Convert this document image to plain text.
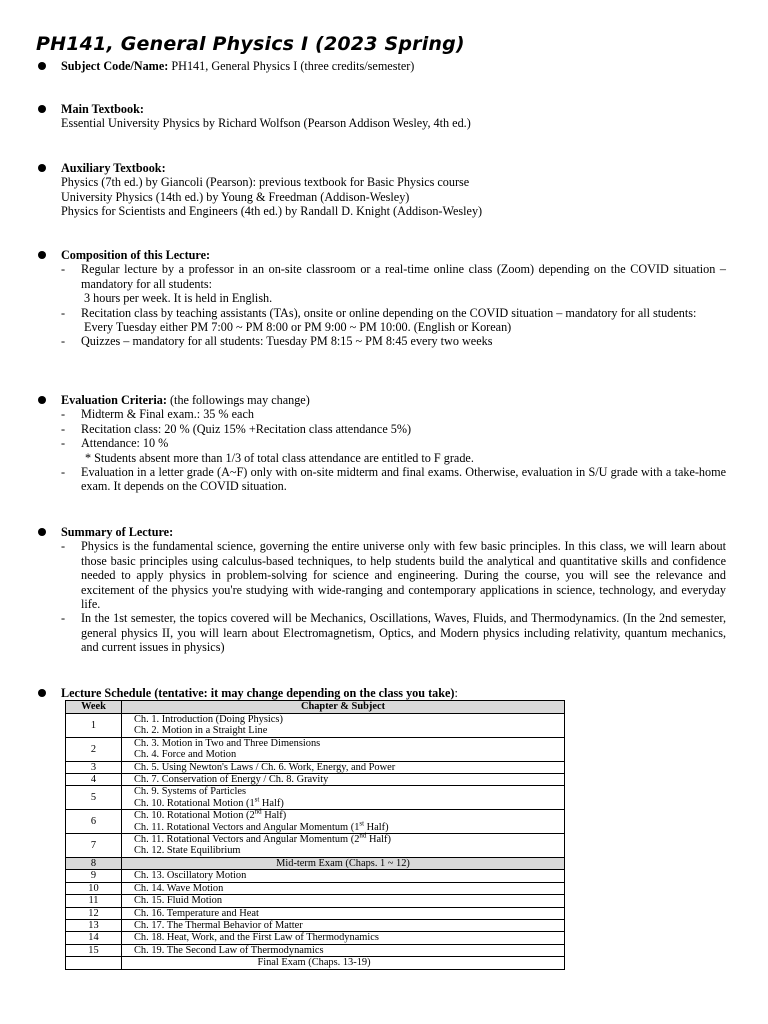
PH141, General Physics I (2023 Spring)
Subject Code/Name: PH141, General Physics I (three credits/semester)
Main Textbook:
Essential University Physics by Richard Wolfson (Pearson Addison Wesley, 4th ed.)
Auxiliary Textbook:
Physics (7th ed.) by Giancoli (Pearson): previous textbook for Basic Physics course
University Physics (14th ed.) by Young & Freedman (Addison-Wesley)
Physics for Scientists and Engineers (4th ed.) by Randall D. Knight (Addison-Wesley)
Composition of this Lecture:
- Regular lecture by a professor in an on-site classroom or a real-time online class (Zoom) depending on the COVID situation – mandatory for all students:
3 hours per week. It is held in English.
- Recitation class by teaching assistants (TAs), onsite or online depending on the COVID situation – mandatory for all students:
Every Tuesday either PM 7:00 ~ PM 8:00 or PM 9:00 ~ PM 10:00. (English or Korean)
- Quizzes – mandatory for all students: Tuesday PM 8:15 ~ PM 8:45 every two weeks
Evaluation Criteria: (the followings may change)
- Midterm & Final exam.: 35 % each
- Recitation class: 20 % (Quiz 15% +Recitation class attendance 5%)
- Attendance: 10 %
* Students absent more than 1/3 of total class attendance are entitled to F grade.
- Evaluation in a letter grade (A~F) only with on-site midterm and final exams. Otherwise, evaluation in S/U grade with a take-home exam. It depends on the COVID situation.
Summary of Lecture:
- Physics is the fundamental science, governing the entire universe only with few basic principles. In this class, we will learn about those basic principles using calculus-based techniques, to help students build the analytical and quantitative skills and confidence needed to apply physics in problem-solving for science and engineering. During the course, you will see the relevance and excitement of the physics you're studying with wide-ranging and contemporary applications in science, technology, and everyday life.
- In the 1st semester, the topics covered will be Mechanics, Oscillations, Waves, Fluids, and Thermodynamics. (In the 2nd semester, general physics II, you will learn about Electromagnetism, Optics, and Modern physics including relativity, quantum mechanics, and current issues in physics)
Lecture Schedule (tentative: it may change depending on the class you take):
Week	Chapter & Subject
1	Ch. 1. Introduction (Doing Physics)
Ch. 2. Motion in a Straight Line

2	Ch. 3. Motion in Two and Three Dimensions
Ch. 4. Force and Motion

3	Ch. 5. Using Newton's Laws / Ch. 6. Work, Energy, and Power
4	Ch. 7. Conservation of Energy / Ch. 8. Gravity
5	Ch. 9. Systems of Particles
Ch. 10. Rotational Motion (1st Half)

6	Ch. 10. Rotational Motion (2nd Half)
Ch. 11. Rotational Vectors and Angular Momentum (1st Half)

7	Ch. 11. Rotational Vectors and Angular Momentum (2nd Half)
Ch. 12. State Equilibrium

8	Mid-term Exam (Chaps. 1 ~ 12)
9	Ch. 13. Oscillatory Motion
10	Ch. 14. Wave Motion
11	Ch. 15. Fluid Motion
12	Ch. 16. Temperature and Heat
13	Ch. 17. The Thermal Behavior of Matter
14	Ch. 18. Heat, Work, and the First Law of Thermodynamics
15	Ch. 19. The Second Law of Thermodynamics
	Final Exam (Chaps. 13-19)
